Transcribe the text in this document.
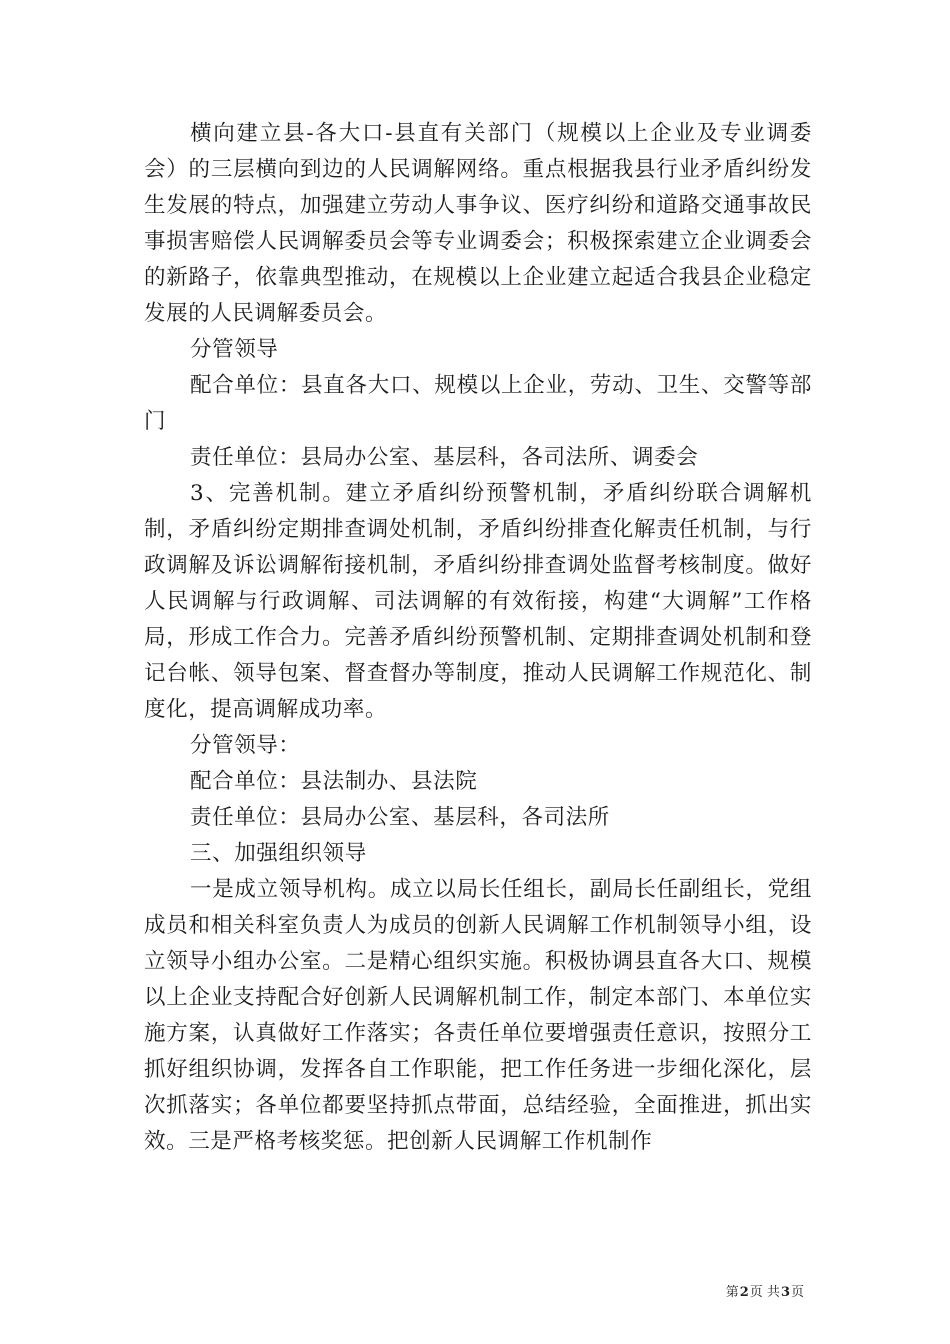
横向建立县-各大口-县直有关部门（规模以上企业及专业调委会）的三层横向到边的人民调解网络。重点根据我县行业矛盾纠纷发生发展的特点，加强建立劳动人事争议、医疗纠纷和道路交通事故民事损害赔偿人民调解委员会等专业调委会；积极探索建立企业调委会的新路子，依靠典型推动，在规模以上企业建立起适合我县企业稳定发展的人民调解委员会。

分管领导

配合单位：县直各大口、规模以上企业，劳动、卫生、交警等部门

责任单位：县局办公室、基层科，各司法所、调委会

3、完善机制。建立矛盾纠纷预警机制，矛盾纠纷联合调解机制，矛盾纠纷定期排查调处机制，矛盾纠纷排查化解责任机制，与行政调解及诉讼调解衔接机制，矛盾纠纷排查调处监督考核制度。做好人民调解与行政调解、司法调解的有效衔接，构建“大调解”工作格局，形成工作合力。完善矛盾纠纷预警机制、定期排查调处机制和登记台帐、领导包案、督查督办等制度，推动人民调解工作规范化、制度化，提高调解成功率。

分管领导：

配合单位：县法制办、县法院

责任单位：县局办公室、基层科，各司法所

三、加强组织领导

一是成立领导机构。成立以局长任组长，副局长任副组长，党组成员和相关科室负责人为成员的创新人民调解工作机制领导小组，设立领导小组办公室。二是精心组织实施。积极协调县直各大口、规模以上企业支持配合好创新人民调解机制工作，制定本部门、本单位实施方案，认真做好工作落实；各责任单位要增强责任意识，按照分工抓好组织协调，发挥各自工作职能，把工作任务进一步细化深化，层次抓落实；各单位都要坚持抓点带面，总结经验，全面推进，抓出实效。三是严格考核奖惩。把创新人民调解工作机制作

第2页 共3页
